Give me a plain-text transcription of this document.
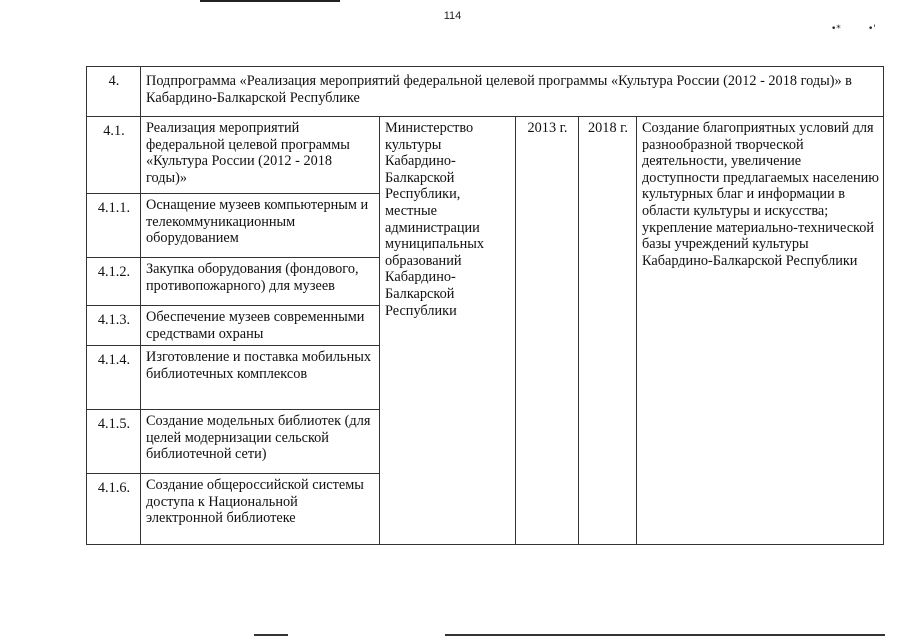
114
•*	•'
4.	Подпрограмма «Реализация мероприятий федеральной целевой программы «Культура России (2012 - 2018 годы)» в Кабардино-Балкарской Республике				
4.1.	Реализация мероприятий федеральной целевой программы «Культура России (2012 - 2018 годы)»	Министерство культуры Кабардино-Балкарской Республики, местные администрации муниципальных образований Кабардино-Балкарской Республики	2013 г.	2018 г.	Создание благоприятных условий для разнообразной творческой деятельности, увеличение доступности предлагаемых населению культурных благ и информации в области культуры и искусства; укрепление материально-технической базы учреждений культуры Кабардино-Балкарской Республики
4.1.1.	Оснащение музеев компьютерным и телекоммуникационным оборудованием				
4.1.2.	Закупка оборудования (фондового, противопожарного) для музеев				
4.1.3.	Обеспечение музеев современными средствами охраны				
4.1.4.	Изготовление и поставка мобильных библиотечных комплексов				
4.1.5.	Создание модельных библиотек (для целей модернизации сельской библиотечной сети)				
4.1.6.	Создание общероссийской системы доступа к Национальной электронной библиотеке				
